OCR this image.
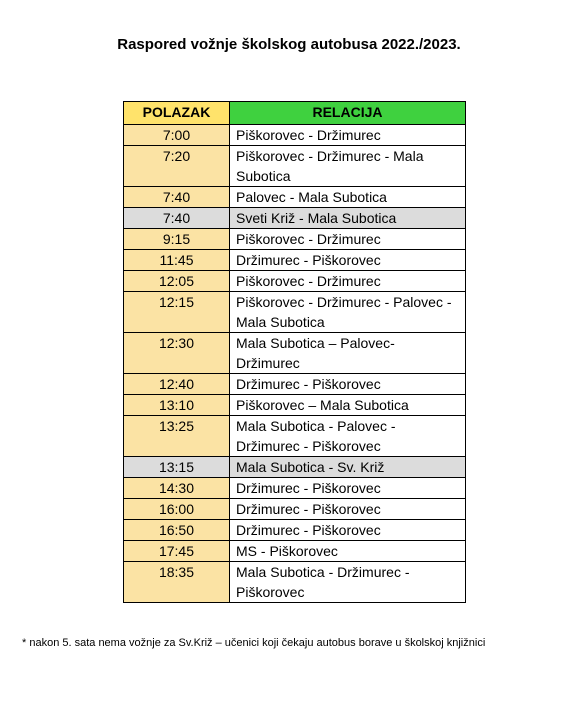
Raspored vožnje školskog autobusa 2022./2023.
POLAZAK	RELACIJA
7:00	Piškorovec - Držimurec
7:20	Piškorovec - Držimurec - Mala Subotica
7:40	Palovec - Mala Subotica
7:40	Sveti Križ - Mala Subotica
9:15	Piškorovec - Držimurec
11:45	Držimurec - Piškorovec
12:05	Piškorovec - Držimurec
12:15	Piškorovec - Držimurec - Palovec - Mala Subotica
12:30	Mala Subotica – Palovec- Držimurec
12:40	Držimurec - Piškorovec
13:10	Piškorovec – Mala Subotica
13:25	Mala Subotica - Palovec - Držimurec - Piškorovec
13:15	Mala Subotica - Sv. Križ
14:30	Držimurec - Piškorovec
16:00	Držimurec - Piškorovec
16:50	Držimurec - Piškorovec
17:45	MS - Piškorovec
18:35	Mala Subotica - Držimurec - Piškorovec
* nakon 5. sata nema vožnje za Sv.Križ – učenici koji čekaju autobus borave u školskoj knjižnici
